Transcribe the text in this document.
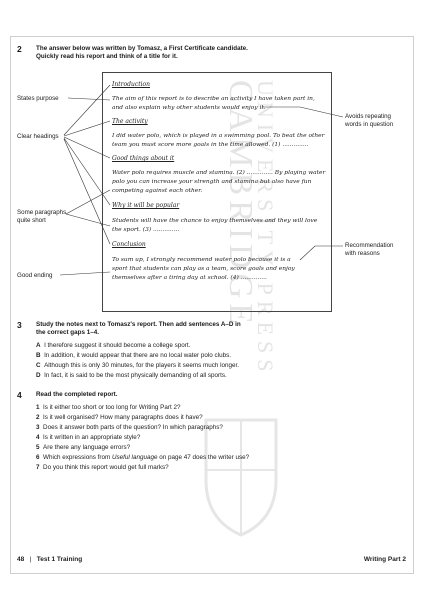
CAMBRIDGE
UNIVERSITY PRESS
2 The answer below was written by Tomasz, a First Certificate candidate.
Quickly read his report and think of a title for it.
Introduction
The aim of this report is to describe an activity I have taken part in,
and also explain why other students would enjoy it.
The activity
I did water polo, which is played in a swimming pool. To beat the other
team you must score more goals in the time allowed. (1) ..............
Good things about it
Water polo requires muscle and stamina. (2) .............. By playing water
polo you can increase your strength and stamina but also have fun
competing against each other.
Why it will be popular
Students will have the chance to enjoy themselves and they will love
the sport. (3) ..............
Conclusion
To sum up, I strongly recommend water polo because it is a
sport that students can play as a team, score goals and enjoy
themselves after a tiring day at school. (4) ..............
States purpose
Clear headings
Some paragraphs
quite short
Good ending
Avoids repeating
words in question
Recommendation
with reasons
3 Study the notes next to Tomasz's report. Then add sentences A–D in
the correct gaps 1–4.
A I therefore suggest it should become a college sport.
B In addition, it would appear that there are no local water polo clubs.
C Although this is only 30 minutes, for the players it seems much longer.
D In fact, it is said to be the most physically demanding of all sports.
4 Read the completed report.
1 Is it either too short or too long for Writing Part 2?
2 Is it well organised? How many paragraphs does it have?
3 Does it answer both parts of the question? In which paragraphs?
4 Is it written in an appropriate style?
5 Are there any language errors?
6 Which expressions from Useful language on page 47 does the writer use?
7 Do you think this report would get full marks?
48 | Test 1 Training	Writing Part 2
